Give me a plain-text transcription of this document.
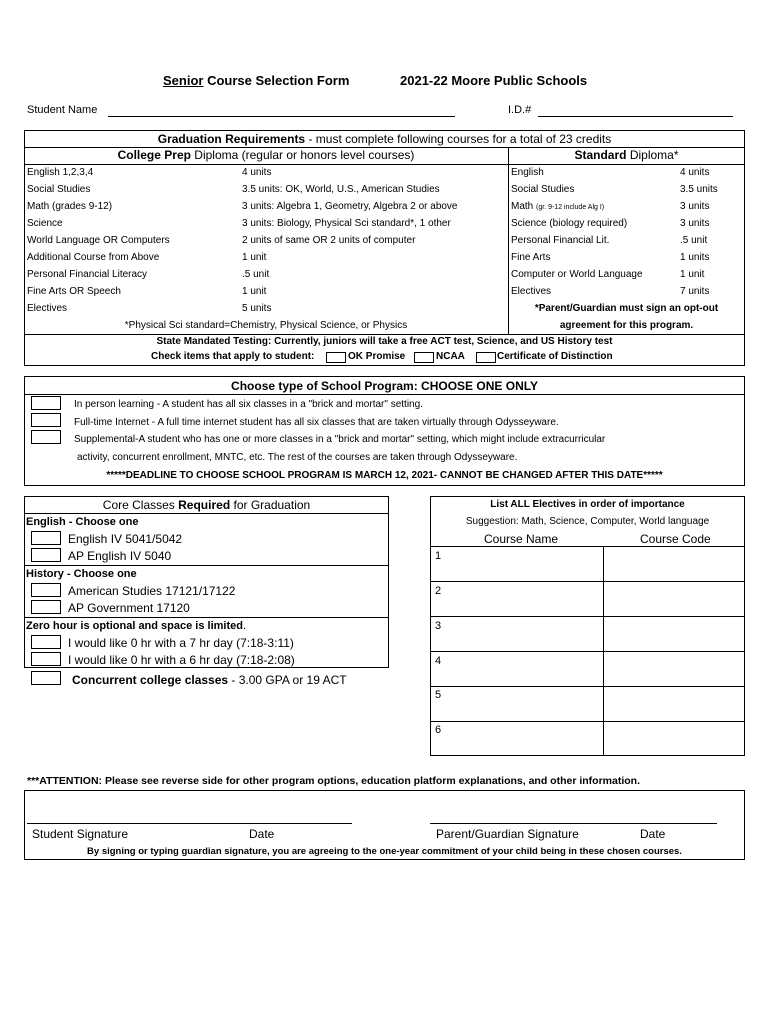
Senior Course Selection Form	2021-22 Moore Public Schools
Student Name	I.D.#
Graduation Requirements - must complete following courses for a total of 23 credits
College Prep Diploma (regular or honors level courses)	Standard Diploma*
English 1,2,3,4	4 units
Social Studies	3.5 units: OK, World, U.S., American Studies
Math (grades 9-12)	3 units: Algebra 1, Geometry, Algebra 2 or above
Science	3 units: Biology, Physical Sci standard*, 1 other
World Language OR Computers	2 units of same OR 2 units of computer
Additional Course from Above	1 unit
Personal Financial Literacy	.5 unit
Fine Arts OR Speech	1 unit
Electives	5 units
*Physical Sci standard=Chemistry, Physical Science, or Physics
English	4 units
Social Studies	3.5 units
Math (gr. 9-12 include Alg I)	3 units
Science (biology required)	3 units
Personal Financial Lit.	.5 unit
Fine Arts	1 units
Computer or World Language	1 unit
Electives	7 units
*Parent/Guardian must sign an opt-out
agreement for this program.
State Mandated Testing: Currently, juniors will take a free ACT test, Science, and US History test
Check items that apply to student:	OK Promise	NCAA	Certificate of Distinction
Choose type of School Program: CHOOSE ONE ONLY
In person learning - A student has all six classes in a "brick and mortar" setting.
Full-time Internet - A full time internet student has all six classes that are taken virtually through Odysseyware.
Supplemental-A student who has one or more classes in a "brick and mortar" setting, which might include extracurricular
activity, concurrent enrollment, MNTC, etc. The rest of the courses are taken through Odysseyware.
*****DEADLINE TO CHOOSE SCHOOL PROGRAM IS MARCH 12, 2021- CANNOT BE CHANGED AFTER THIS DATE*****
Core Classes Required for Graduation
English - Choose one
English IV 5041/5042
AP English IV 5040
History - Choose one
American Studies 17121/17122
AP Government 17120
Zero hour is optional and space is limited.
I would like 0 hr with a 7 hr day (7:18-3:11)
I would like 0 hr with a 6 hr day (7:18-2:08)
Concurrent college classes - 3.00 GPA or 19 ACT
List ALL Electives in order of importance
Suggestion: Math, Science, Computer, World language
Course Name	Course Code
1
2
3
4
5
6
***ATTENTION: Please see reverse side for other program options, education platform explanations, and other information.
Student Signature	Date	Parent/Guardian Signature	Date
By signing or typing guardian signature, you are agreeing to the one-year commitment of your child being in these chosen courses.
